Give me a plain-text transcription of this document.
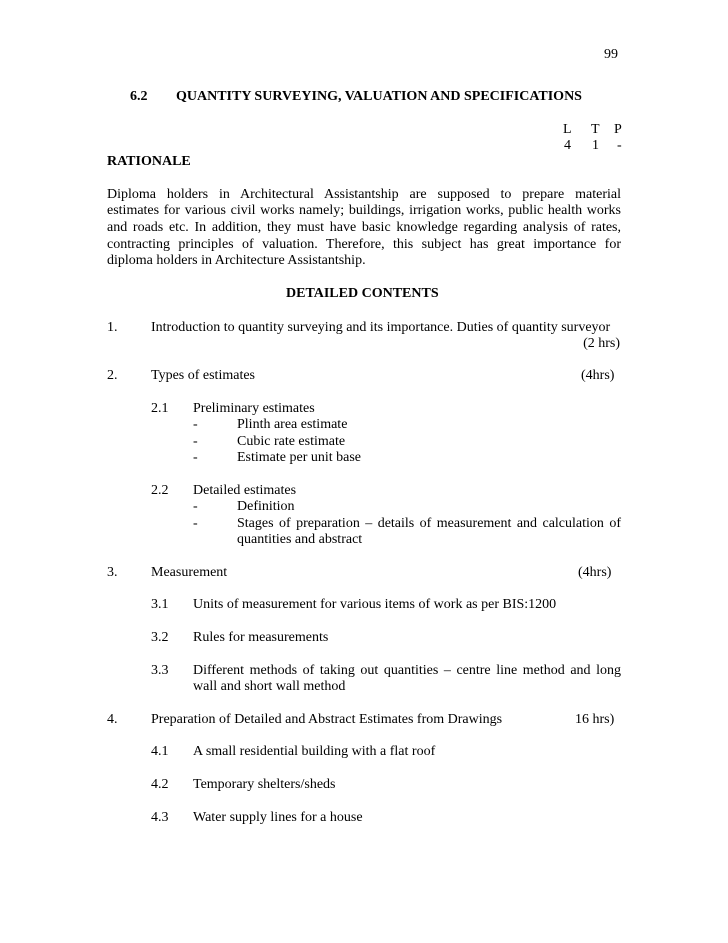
99
6.2 QUANTITY SURVEYING, VALUATION AND SPECIFICATIONS
L T P
4 1 -
RATIONALE
Diploma holders in Architectural Assistantship are supposed to prepare material
estimates for various civil works namely; buildings, irrigation works, public health works
and roads etc. In addition, they must have basic knowledge regarding analysis of rates,
contracting principles of valuation. Therefore, this subject has great importance for
diploma holders in Architecture Assistantship.
DETAILED CONTENTS
1. Introduction to quantity surveying and its importance. Duties of quantity surveyor
(2 hrs)
2. Types of estimates	(4hrs)
2.1 Preliminary estimates
-	Plinth area estimate
-	Cubic rate estimate
-	Estimate per unit base
2.2 Detailed estimates
-	Definition
-	Stages of preparation – details of measurement and calculation of
quantities and abstract
3. Measurement	(4hrs)
3.1 Units of measurement for various items of work as per BIS:1200
3.2 Rules for measurements
3.3 Different methods of taking out quantities – centre line method and long
wall and short wall method
4. Preparation of Detailed and Abstract Estimates from Drawings	16 hrs)
4.1 A small residential building with a flat roof
4.2 Temporary shelters/sheds
4.3 Water supply lines for a house
